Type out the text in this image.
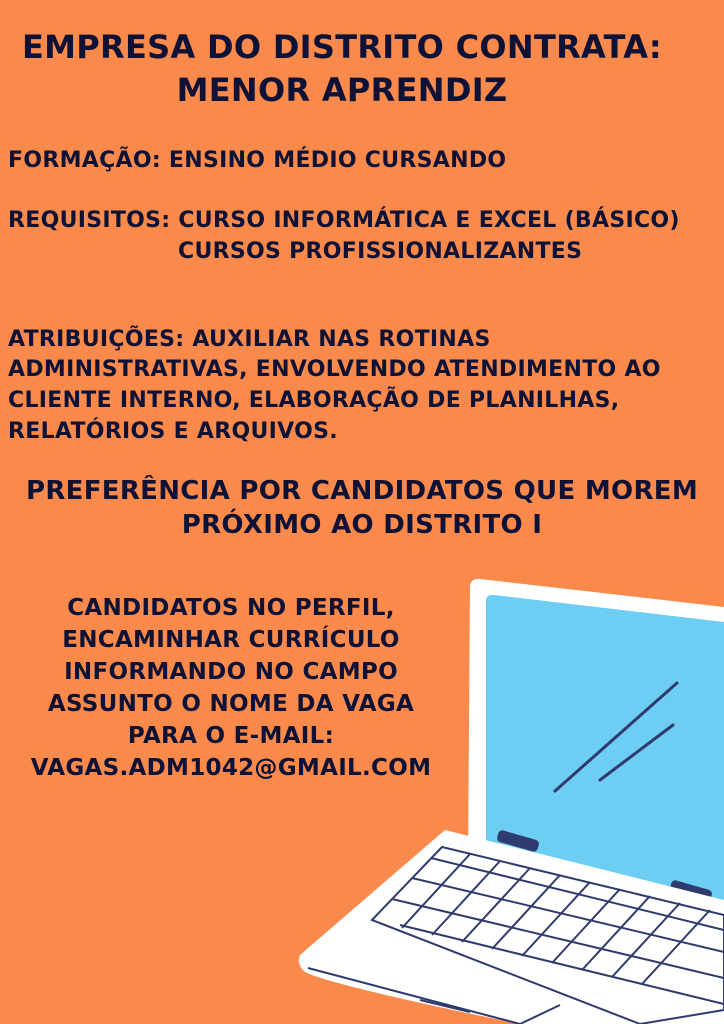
EMPRESA DO DISTRITO CONTRATA:
MENOR APRENDIZ
FORMAÇÃO: ENSINO MÉDIO CURSANDO
REQUISITOS: CURSO INFORMÁTICA E EXCEL (BÁSICO)
CURSOS PROFISSIONALIZANTES
ATRIBUIÇÕES: AUXILIAR NAS ROTINAS
ADMINISTRATIVAS, ENVOLVENDO ATENDIMENTO AO
CLIENTE INTERNO, ELABORAÇÃO DE PLANILHAS,
RELATÓRIOS E ARQUIVOS.
PREFERÊNCIA POR CANDIDATOS QUE MOREM
PRÓXIMO AO DISTRITO I
CANDIDATOS NO PERFIL,
ENCAMINHAR CURRÍCULO
INFORMANDO NO CAMPO
ASSUNTO O NOME DA VAGA
PARA O E-MAIL:
VAGAS.ADM1042@GMAIL.COM
